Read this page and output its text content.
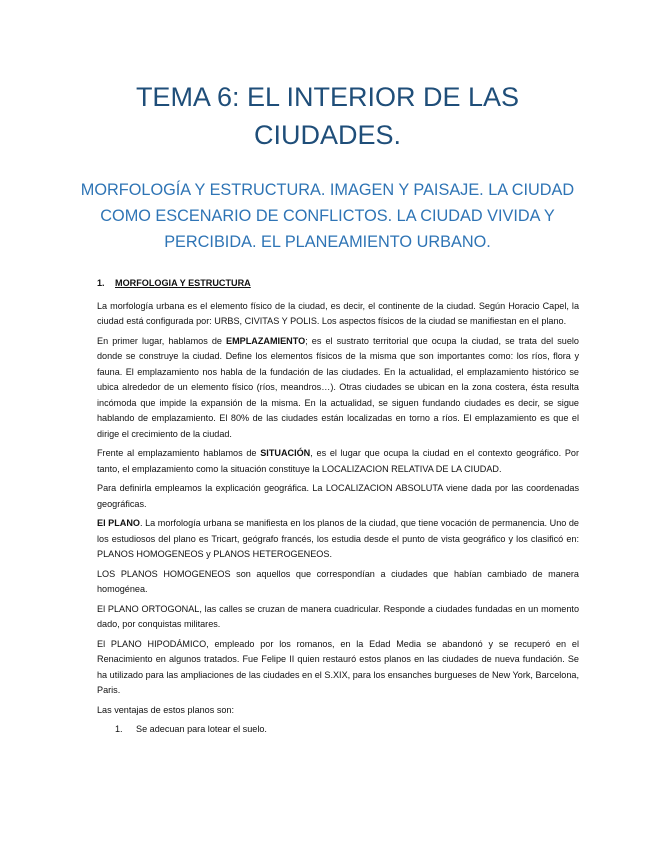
TEMA 6: EL INTERIOR DE LAS CIUDADES.
MORFOLOGÍA Y ESTRUCTURA. IMAGEN Y PAISAJE. LA CIUDAD COMO ESCENARIO DE CONFLICTOS. LA CIUDAD VIVIDA Y PERCIBIDA. EL PLANEAMIENTO URBANO.
1. MORFOLOGIA Y ESTRUCTURA

La morfología urbana es el elemento físico de la ciudad, es decir, el continente de la ciudad. Según Horacio Capel, la ciudad está configurada por: URBS, CIVITAS Y POLIS. Los aspectos físicos de la ciudad se manifiestan en el plano.

En primer lugar, hablamos de EMPLAZAMIENTO; es el sustrato territorial que ocupa la ciudad, se trata del suelo donde se construye la ciudad. Define los elementos físicos de la misma que son importantes como: los ríos, flora y fauna. El emplazamiento nos habla de la fundación de las ciudades. En la actualidad, el emplazamiento histórico se ubica alrededor de un elemento físico (ríos, meandros…). Otras ciudades se ubican en la zona costera, ésta resulta incómoda que impide la expansión de la misma. En la actualidad, se siguen fundando ciudades es decir, se sigue hablando de emplazamiento. El 80% de las ciudades están localizadas en torno a ríos. El emplazamiento es que el dirige el crecimiento de la ciudad.

Frente al emplazamiento hablamos de SITUACIÓN, es el lugar que ocupa la ciudad en el contexto geográfico. Por tanto, el emplazamiento como la situación constituye la LOCALIZACION RELATIVA DE LA CIUDAD.

Para definirla empleamos la explicación geográfica. La LOCALIZACION ABSOLUTA viene dada por las coordenadas geográficas.

El PLANO. La morfología urbana se manifiesta en los planos de la ciudad, que tiene vocación de permanencia. Uno de los estudiosos del plano es Tricart, geógrafo francés, los estudia desde el punto de vista geográfico y los clasificó en: PLANOS HOMOGENEOS y PLANOS HETEROGENEOS.

LOS PLANOS HOMOGENEOS son aquellos que correspondían a ciudades que habían cambiado de manera homogénea.

El PLANO ORTOGONAL, las calles se cruzan de manera cuadricular. Responde a ciudades fundadas en un momento dado, por conquistas militares.

El PLANO HIPODÁMICO, empleado por los romanos, en la Edad Media se abandonó y se recuperó en el Renacimiento en algunos tratados. Fue Felipe II quien restauró estos planos en las ciudades de nueva fundación. Se ha utilizado para las ampliaciones de las ciudades en el S.XIX, para los ensanches burgueses de New York, Barcelona, Paris.

Las ventajas de estos planos son:

1. Se adecuan para lotear el suelo.
